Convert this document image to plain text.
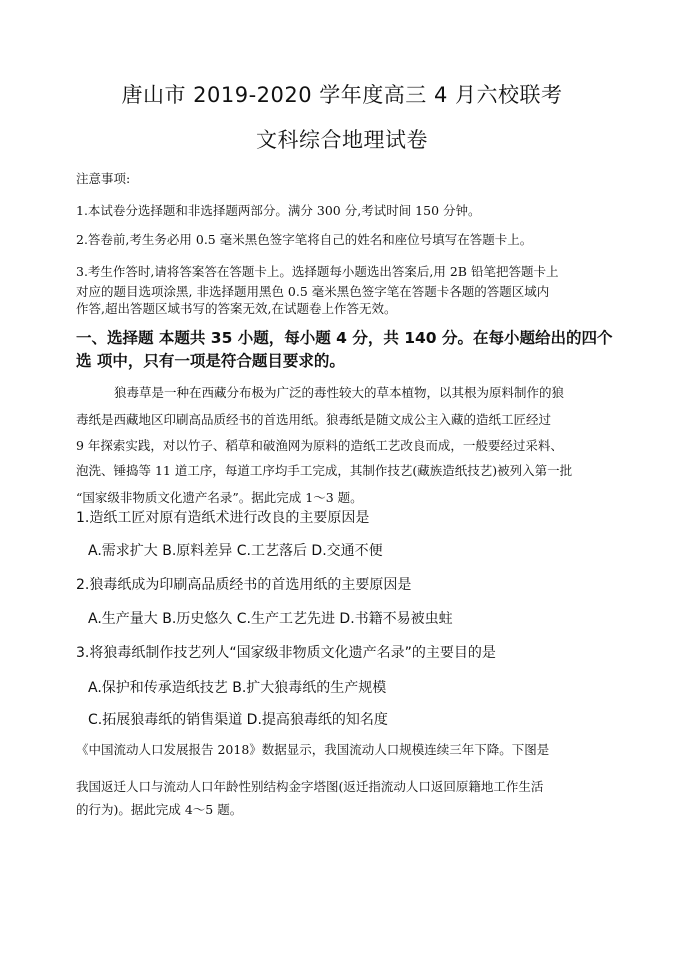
唐山市 2019-2020 学年度高三 4 月六校联考
文科综合地理试卷
注意事项:
1.本试卷分选择题和非选择题两部分。满分 300 分,考试时间 150 分钟。
2.答卷前,考生务必用 0.5 毫米黑色签字笔将自己的姓名和座位号填写在答题卡上。
3.考生作答时,请将答案答在答题卡上。选择题每小题选出答案后,用 2B 铅笔把答题卡上
对应的题目选项涂黑, 非选择题用黑色 0.5 毫米黑色签字笔在答题卡各题的答题区域内
作答,超出答题区域书写的答案无效,在试题卷上作答无效。
一、选择题 本题共 35 小题，每小题 4 分，共 140 分。在每小题给出的四个
选 项中，只有一项是符合题目要求的。
狼毒草是一种在西藏分布极为广泛的毒性较大的草本植物，以其根为原料制作的狼
毒纸是西藏地区印刷高品质经书的首选用纸。狼毒纸是随文成公主入藏的造纸工匠经过
9 年探索实践，对以竹子、稻草和破渔网为原料的造纸工艺改良而成，一般要经过采料、
泡洗、锤捣等 11 道工序，每道工序均手工完成，其制作技艺(藏族造纸技艺)被列入第一批
“国家级非物质文化遗产名录”。据此完成 1～3 题。
1.造纸工匠对原有造纸术进行改良的主要原因是
A.需求扩大 B.原料差异 C.工艺落后 D.交通不便
2.狼毒纸成为印刷高品质经书的首选用纸的主要原因是
A.生产量大 B.历史悠久 C.生产工艺先进 D.书籍不易被虫蛀
3.将狼毒纸制作技艺列人“国家级非物质文化遗产名录”的主要目的是
A.保护和传承造纸技艺 B.扩大狼毒纸的生产规模
C.拓展狼毒纸的销售渠道 D.提高狼毒纸的知名度
《中国流动人口发展报告 2018》数据显示，我国流动人口规模连续三年下降。下图是
我国返迁人口与流动人口年龄性别结构金字塔图(返迁指流动人口返回原籍地工作生活
的行为)。据此完成 4～5 题。
